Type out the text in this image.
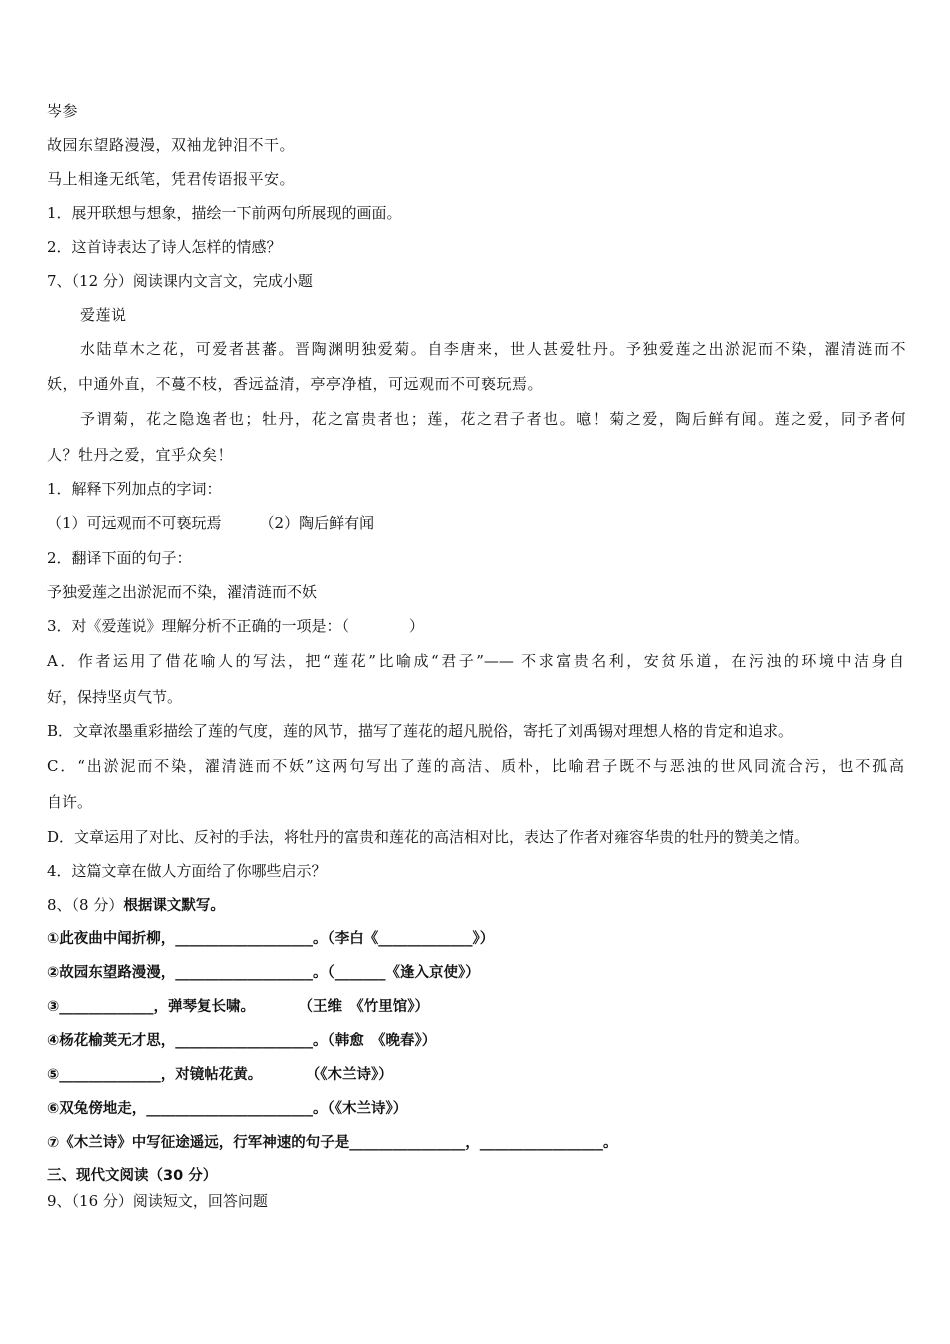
岑参
故园东望路漫漫，双袖龙钟泪不干。
马上相逢无纸笔，凭君传语报平安。
1．展开联想与想象，描绘一下前两句所展现的画面。
2．这首诗表达了诗人怎样的情感？
7、（12 分）阅读课内文言文，完成小题
爱莲说
水陆草木之花，可爱者甚蕃。晋陶渊明独爱菊。自李唐来，世人甚爱牡丹。予独爱莲之出淤泥而不染，濯清涟而不
妖，中通外直，不蔓不枝，香远益清，亭亭净植，可远观而不可亵玩焉。
予谓菊，花之隐逸者也；牡丹，花之富贵者也；莲，花之君子者也。噫！菊之爱，陶后鲜有闻。莲之爱，同予者何
人？牡丹之爱，宜乎众矣！
1．解释下列加点的字词：
（1）可远观而不可亵玩焉	（2）陶后鲜有闻
2．翻译下面的句子：
予独爱莲之出淤泥而不染，濯清涟而不妖
3．对《爱莲说》理解分析不正确的一项是：（　　　　）
A．作者运用了借花喻人的写法，把“莲花”比喻成“君子”—— 不求富贵名利，安贫乐道，在污浊的环境中洁身自
好，保持坚贞气节。
B．文章浓墨重彩描绘了莲的气度，莲的风节，描写了莲花的超凡脱俗，寄托了刘禹锡对理想人格的肯定和追求。
C．“出淤泥而不染，濯清涟而不妖”这两句写出了莲的高洁、质朴，比喻君子既不与恶浊的世风同流合污，也不孤高
自许。
D．文章运用了对比、反衬的手法，将牡丹的富贵和莲花的高洁相对比，表达了作者对雍容华贵的牡丹的赞美之情。
4．这篇文章在做人方面给了你哪些启示？
8、（8 分）根据课文默写。
①此夜曲中闻折柳，___________________。（李白《_____________》）
②故园东望路漫漫，___________________。（_______《逢入京使》）
③_____________，弹琴复长啸。　　　　（王维　《竹里馆》）
④杨花榆荚无才思，___________________。（韩愈　《晚春》）
⑤______________，对镜帖花黄。　　　　（《木兰诗》）
⑥双兔傍地走，_______________________。（《木兰诗》）
⑦《木兰诗》中写征途遥远，行军神速的句子是________________，_________________。
三、现代文阅读（30 分）
9、（16 分）阅读短文，回答问题
